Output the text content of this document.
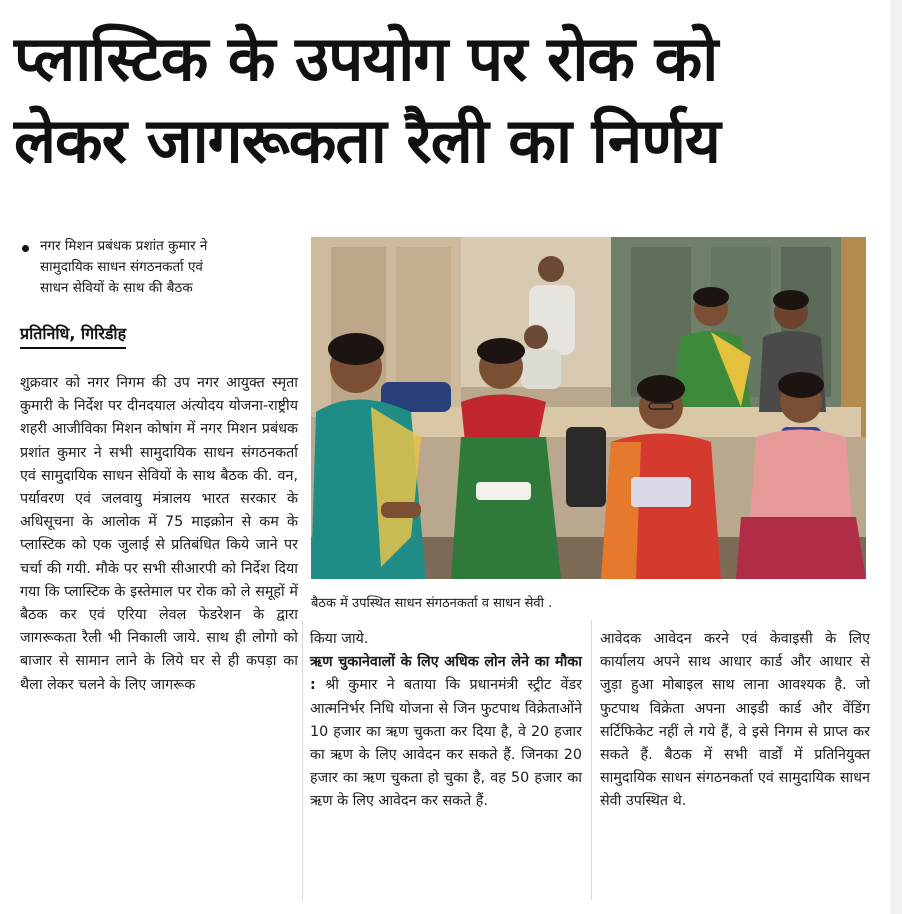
प्लास्टिक के उपयोग पर रोक को
लेकर जागरूकता रैली का निर्णय
नगर मिशन प्रबंधक प्रशांत कुमार ने
सामुदायिक साधन संगठनकर्ता एवं
साधन सेवियों के साथ की बैठक
प्रतिनिधि, गिरिडीह

शुक्रवार को नगर निगम की उप नगर आयुक्त स्मृता कुमारी के निर्देश पर दीनदयाल अंत्योदय योजना-राष्ट्रीय शहरी आजीविका मिशन कोषांग में नगर मिशन प्रबंधक प्रशांत कुमार ने सभी सामुदायिक साधन संगठनकर्ता एवं सामुदायिक साधन सेवियों के साथ बैठक की. वन, पर्यावरण एवं जलवायु मंत्रालय भारत सरकार के अधिसूचना के आलोक में 75 माइक्रोन से कम के प्लास्टिक को एक जुलाई से प्रतिबंधित किये जाने पर चर्चा की गयी. मौके पर सभी सीआरपी को निर्देश दिया गया कि प्लास्टिक के इस्तेमाल पर रोक को ले समूहों में बैठक कर एवं एरिया लेवल फेडरेशन के द्वारा जागरूकता रैली भी निकाली जाये. साथ ही लोगो को बाजार से सामान लाने के लिये घर से ही कपड़ा का थैला लेकर चलने के लिए जागरूक

बैठक में उपस्थित साधन संगठनकर्ता व साधन सेवी .

किया जाये.

ऋण चुकानेवालों के लिए अधिक लोन लेने का मौका : श्री कुमार ने बताया कि प्रधानमंत्री स्ट्रीट वेंडर आत्मनिर्भर निधि योजना से जिन फुटपाथ विक्रेताओंने 10 हजार का ऋण चुकता कर दिया है, वे 20 हजार का ऋण के लिए आवेदन कर सकते हैं. जिनका 20 हजार का ऋण चुकता हो चुका है, वह 50 हजार का ऋण के लिए आवेदन कर सकते हैं.

आवेदक आवेदन करने एवं केवाइसी के लिए कार्यालय अपने साथ आधार कार्ड और आधार से जुड़ा हुआ मोबाइल साथ लाना आवश्यक है. जो फुटपाथ विक्रेता अपना आइडी कार्ड और वेंडिंग सर्टिफिकेट नहीं ले गये हैं, वे इसे निगम से प्राप्त कर सकते हैं. बैठक में सभी वार्डों में प्रतिनियुक्त सामुदायिक साधन संगठनकर्ता एवं सामुदायिक साधन सेवी उपस्थित थे.
